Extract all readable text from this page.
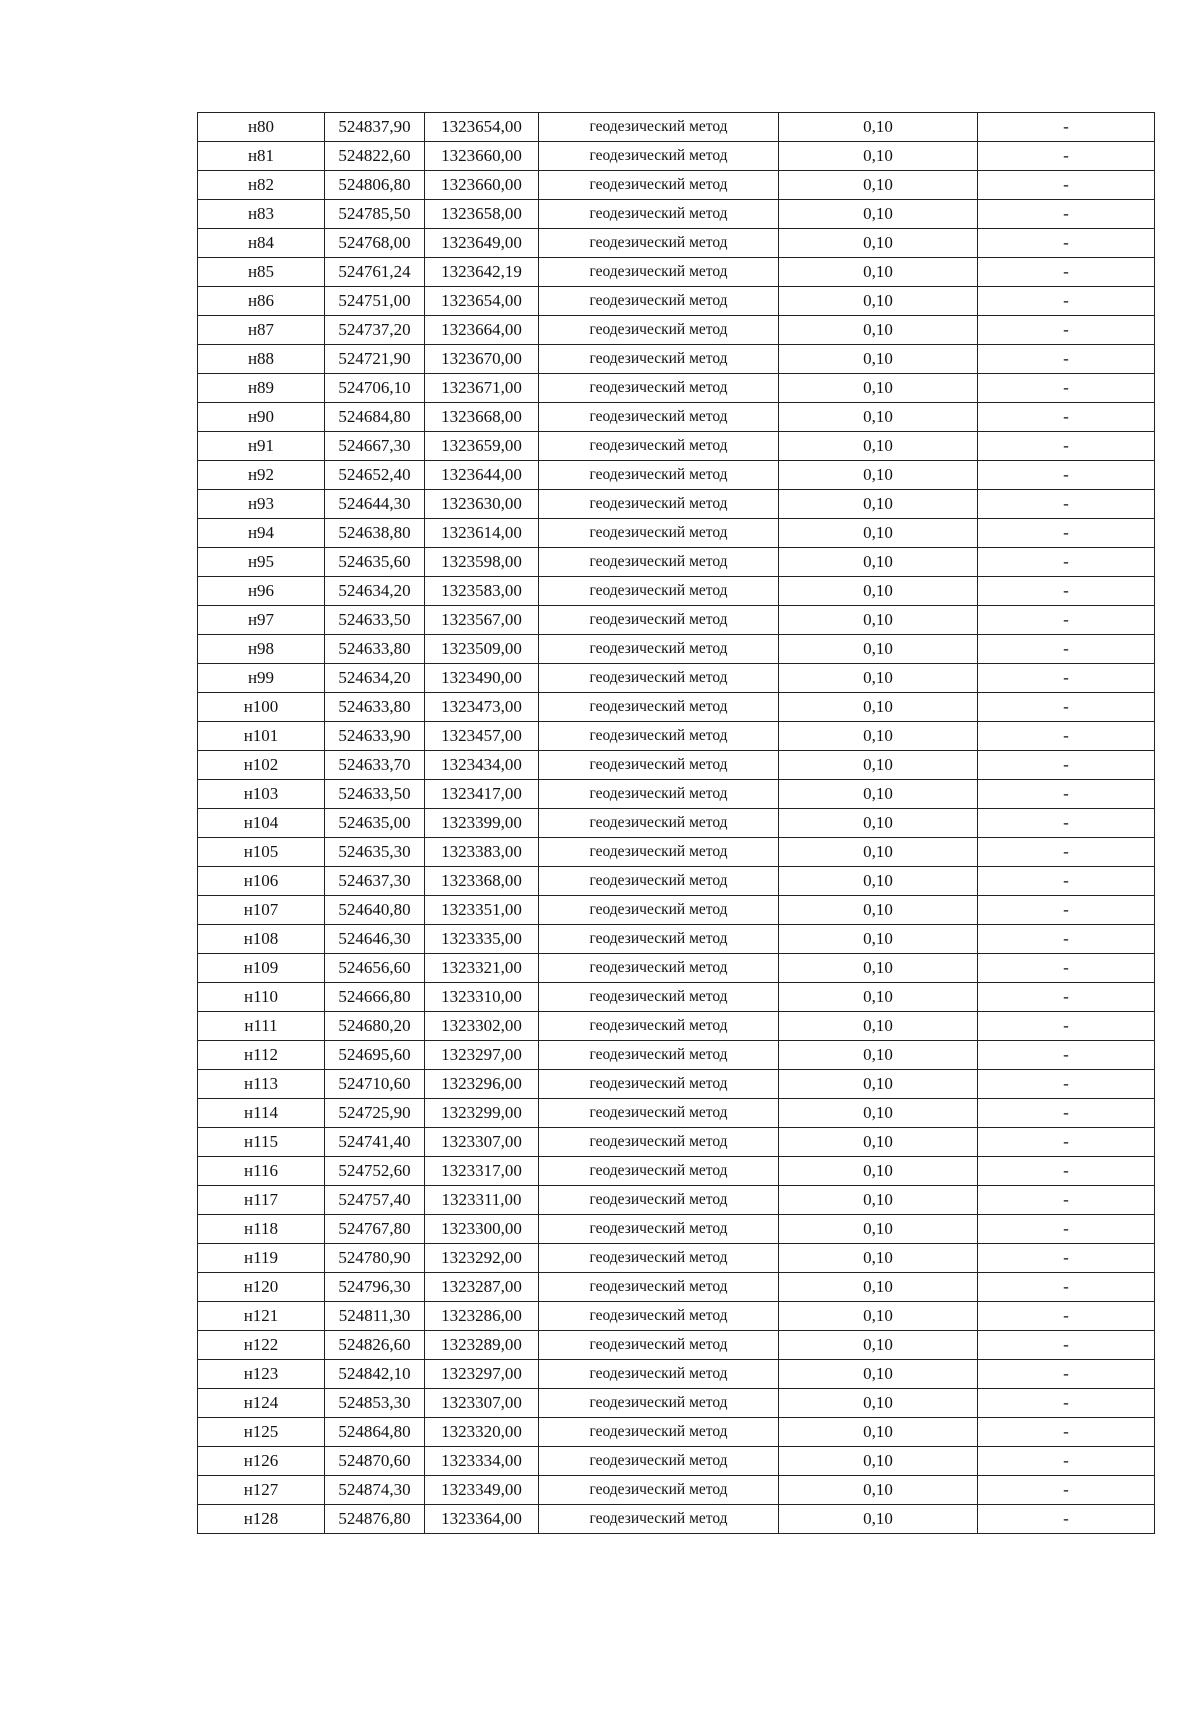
н80	524837,90	1323654,00	геодезический метод	0,10	-
н81	524822,60	1323660,00	геодезический метод	0,10	-
н82	524806,80	1323660,00	геодезический метод	0,10	-
н83	524785,50	1323658,00	геодезический метод	0,10	-
н84	524768,00	1323649,00	геодезический метод	0,10	-
н85	524761,24	1323642,19	геодезический метод	0,10	-
н86	524751,00	1323654,00	геодезический метод	0,10	-
н87	524737,20	1323664,00	геодезический метод	0,10	-
н88	524721,90	1323670,00	геодезический метод	0,10	-
н89	524706,10	1323671,00	геодезический метод	0,10	-
н90	524684,80	1323668,00	геодезический метод	0,10	-
н91	524667,30	1323659,00	геодезический метод	0,10	-
н92	524652,40	1323644,00	геодезический метод	0,10	-
н93	524644,30	1323630,00	геодезический метод	0,10	-
н94	524638,80	1323614,00	геодезический метод	0,10	-
н95	524635,60	1323598,00	геодезический метод	0,10	-
н96	524634,20	1323583,00	геодезический метод	0,10	-
н97	524633,50	1323567,00	геодезический метод	0,10	-
н98	524633,80	1323509,00	геодезический метод	0,10	-
н99	524634,20	1323490,00	геодезический метод	0,10	-
н100	524633,80	1323473,00	геодезический метод	0,10	-
н101	524633,90	1323457,00	геодезический метод	0,10	-
н102	524633,70	1323434,00	геодезический метод	0,10	-
н103	524633,50	1323417,00	геодезический метод	0,10	-
н104	524635,00	1323399,00	геодезический метод	0,10	-
н105	524635,30	1323383,00	геодезический метод	0,10	-
н106	524637,30	1323368,00	геодезический метод	0,10	-
н107	524640,80	1323351,00	геодезический метод	0,10	-
н108	524646,30	1323335,00	геодезический метод	0,10	-
н109	524656,60	1323321,00	геодезический метод	0,10	-
н110	524666,80	1323310,00	геодезический метод	0,10	-
н111	524680,20	1323302,00	геодезический метод	0,10	-
н112	524695,60	1323297,00	геодезический метод	0,10	-
н113	524710,60	1323296,00	геодезический метод	0,10	-
н114	524725,90	1323299,00	геодезический метод	0,10	-
н115	524741,40	1323307,00	геодезический метод	0,10	-
н116	524752,60	1323317,00	геодезический метод	0,10	-
н117	524757,40	1323311,00	геодезический метод	0,10	-
н118	524767,80	1323300,00	геодезический метод	0,10	-
н119	524780,90	1323292,00	геодезический метод	0,10	-
н120	524796,30	1323287,00	геодезический метод	0,10	-
н121	524811,30	1323286,00	геодезический метод	0,10	-
н122	524826,60	1323289,00	геодезический метод	0,10	-
н123	524842,10	1323297,00	геодезический метод	0,10	-
н124	524853,30	1323307,00	геодезический метод	0,10	-
н125	524864,80	1323320,00	геодезический метод	0,10	-
н126	524870,60	1323334,00	геодезический метод	0,10	-
н127	524874,30	1323349,00	геодезический метод	0,10	-
н128	524876,80	1323364,00	геодезический метод	0,10	-
